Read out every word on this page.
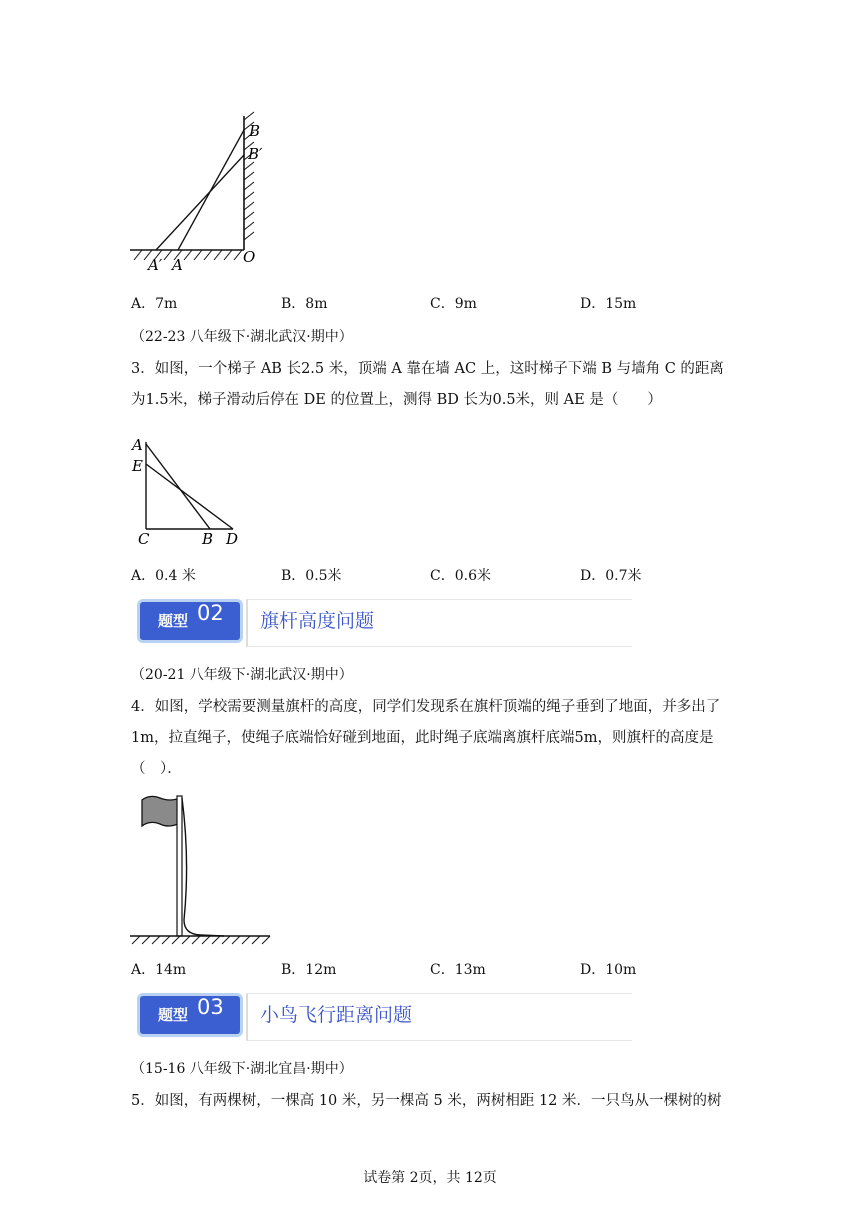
B
B′
O
A′ A
A．7m	B．8m	C．9m	D．15m
（22-23 八年级下·湖北武汉·期中）
3．如图，一个梯子 AB 长2.5 米，顶端 A 靠在墙 AC 上，这时梯子下端 B 与墙角 C 的距离为1.5米，梯子滑动后停在 DE 的位置上，测得 BD 长为0.5米，则 AE 是（　　）
A
E
C	B D
A．0.4 米	B．0.5米	C．0.6米	D．0.7米
题型 02 旗杆高度问题
（20-21 八年级下·湖北武汉·期中）
4．如图，学校需要测量旗杆的高度，同学们发现系在旗杆顶端的绳子垂到了地面，并多出了1m，拉直绳子，使绳子底端恰好碰到地面，此时绳子底端离旗杆底端5m，则旗杆的高度是（　）．
A．14m	B．12m	C．13m	D．10m
题型 03 小鸟飞行距离问题
（15-16 八年级下·湖北宜昌·期中）
5．如图，有两棵树，一棵高 10 米，另一棵高 5 米，两树相距 12 米．一只鸟从一棵树的树
试卷第 2页，共 12页
